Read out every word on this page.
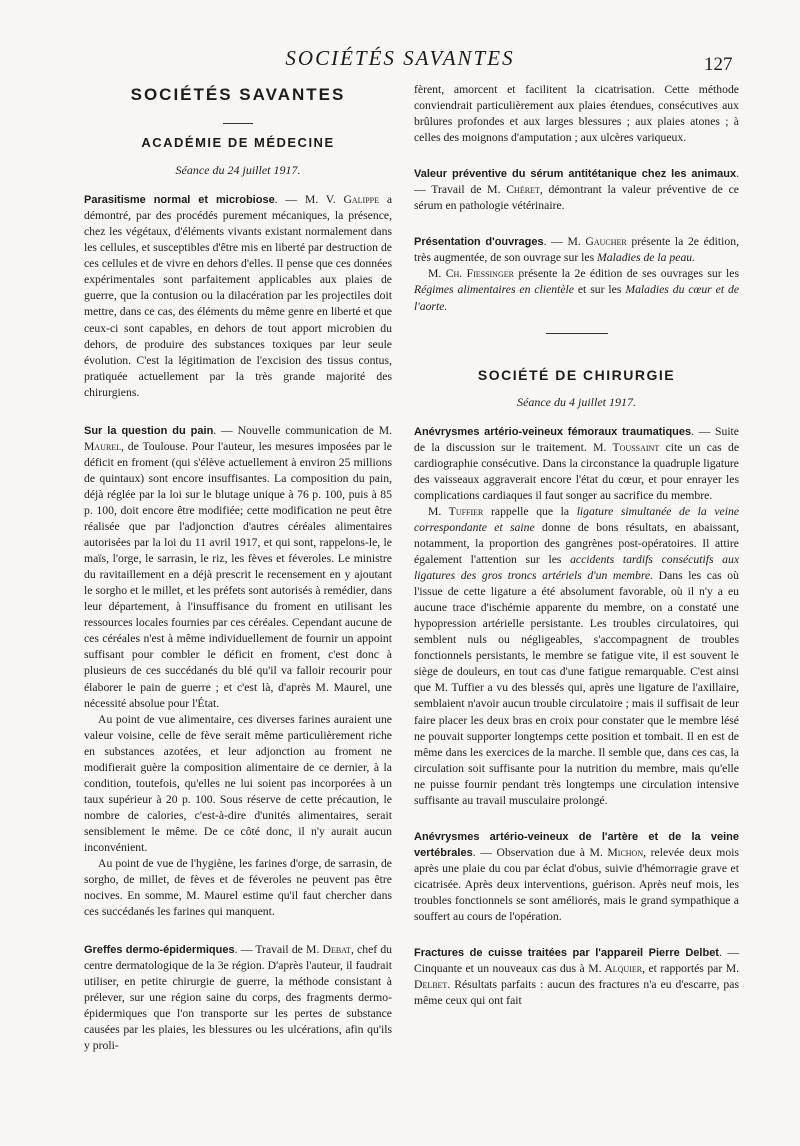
SOCIÉTÉS SAVANTES	127
SOCIÉTÉS SAVANTES
ACADÉMIE DE MÉDECINE
Séance du 24 juillet 1917.

Parasitisme normal et microbiose. — M. V. Galippe a démontré, par des procédés purement mécaniques, la présence, chez les végétaux, d'éléments vivants existant normalement dans les cellules, et susceptibles d'être mis en liberté par destruction de ces cellules et de vivre en dehors d'elles. Il pense que ces données expérimentales sont parfaitement applicables aux plaies de guerre, que la contusion ou la dilacération par les projectiles doit mettre, dans ce cas, des éléments du même genre en liberté et que ceux-ci sont capables, en dehors de tout apport microbien du dehors, de produire des substances toxiques par leur seule évolution. C'est la légitimation de l'excision des tissus contus, pratiquée actuellement par la très grande majorité des chirurgiens.

Sur la question du pain. — Nouvelle communication de M. Maurel, de Toulouse. Pour l'auteur, les mesures imposées par le déficit en froment (qui s'élève actuellement à environ 25 millions de quintaux) sont encore insuffisantes. La composition du pain, déjà réglée par la loi sur le blutage unique à 76 p. 100, puis à 85 p. 100, doit encore être modifiée; cette modification ne peut être réalisée que par l'adjonction d'autres céréales alimentaires autorisées par la loi du 11 avril 1917, et qui sont, rappelons-le, le maïs, l'orge, le sarrasin, le riz, les fèves et féveroles. Le ministre du ravitaillement en a déjà prescrit le recensement en y ajoutant le sorgho et le millet, et les préfets sont autorisés à remédier, dans leur département, à l'insuffisance du froment en utilisant les ressources locales fournies par ces céréales. Cependant aucune de ces céréales n'est à même individuellement de fournir un appoint suffisant pour combler le déficit en froment, c'est donc à plusieurs de ces succédanés du blé qu'il va falloir recourir pour élaborer le pain de guerre ; et c'est là, d'après M. Maurel, une nécessité absolue pour l'État.

Au point de vue alimentaire, ces diverses farines auraient une valeur voisine, celle de fève serait même particulièrement riche en substances azotées, et leur adjonction au froment ne modifierait guère la composition alimentaire de ce dernier, à la condition, toutefois, qu'elles ne lui soient pas incorporées à un taux supérieur à 20 p. 100. Sous réserve de cette précaution, le nombre de calories, c'est-à-dire d'unités alimentaires, serait sensiblement le même. De ce côté donc, il n'y aurait aucun inconvénient.

Au point de vue de l'hygiène, les farines d'orge, de sarrasin, de sorgho, de millet, de fèves et de féveroles ne peuvent pas être nocives. En somme, M. Maurel estime qu'il faut chercher dans ces succédanés les farines qui manquent.

Greffes dermo-épidermiques. — Travail de M. Debat, chef du centre dermatologique de la 3e région. D'après l'auteur, il faudrait utiliser, en petite chirurgie de guerre, la méthode consistant à prélever, sur une région saine du corps, des fragments dermo-épidermiques que l'on transporte sur les pertes de substance causées par les plaies, les blessures ou les ulcérations, afin qu'ils y proli-

fèrent, amorcent et facilitent la cicatrisation. Cette méthode conviendrait particulièrement aux plaies étendues, consécutives aux brûlures profondes et aux larges blessures ; aux plaies atones ; à celles des moignons d'amputation ; aux ulcères variqueux.

Valeur préventive du sérum antitétanique chez les animaux. — Travail de M. Chéret, démontrant la valeur préventive de ce sérum en pathologie vétérinaire.

Présentation d'ouvrages. — M. Gaucher présente la 2e édition, très augmentée, de son ouvrage sur les Maladies de la peau.

M. Ch. Fiessinger présente la 2e édition de ses ouvrages sur les Régimes alimentaires en clientèle et sur les Maladies du cœur et de l'aorte.

SOCIÉTÉ DE CHIRURGIE
Séance du 4 juillet 1917.

Anévrysmes artério-veineux fémoraux traumatiques. — Suite de la discussion sur le traitement. M. Toussaint cite un cas de cardiographie consécutive. Dans la circonstance la quadruple ligature des vaisseaux aggraverait encore l'état du cœur, et pour enrayer les complications cardiaques il faut songer au sacrifice du membre.

M. Tuffier rappelle que la ligature simultanée de la veine correspondante et saine donne de bons résultats, en abaissant, notamment, la proportion des gangrènes post-opératoires. Il attire également l'attention sur les accidents tardifs consécutifs aux ligatures des gros troncs artériels d'un membre. Dans les cas où l'issue de cette ligature a été absolument favorable, où il n'y a eu aucune trace d'ischémie apparente du membre, on a constaté une hypopression artérielle persistante. Les troubles circulatoires, qui semblent nuls ou négligeables, s'accompagnent de troubles fonctionnels persistants, le membre se fatigue vite, il est souvent le siège de douleurs, en tout cas d'une fatigue remarquable. C'est ainsi que M. Tuffier a vu des blessés qui, après une ligature de l'axillaire, semblaient n'avoir aucun trouble circulatoire ; mais il suffisait de leur faire placer les deux bras en croix pour constater que le membre lésé ne pouvait supporter longtemps cette position et tombait. Il en est de même dans les exercices de la marche. Il semble que, dans ces cas, la circulation soit suffisante pour la nutrition du membre, mais qu'elle ne puisse fournir pendant très longtemps une circulation intensive suffisante au travail musculaire prolongé.

Anévrysmes artério-veineux de l'artère et de la veine vertébrales. — Observation due à M. Michon, relevée deux mois après une plaie du cou par éclat d'obus, suivie d'hémorragie grave et cicatrisée. Après deux interventions, guérison. Après neuf mois, les troubles fonctionnels se sont améliorés, mais le grand sympathique a souffert au cours de l'opération.

Fractures de cuisse traitées par l'appareil Pierre Delbet. — Cinquante et un nouveaux cas dus à M. Alquier, et rapportés par M. Delbet. Résultats parfaits : aucun des fractures n'a eu d'escarre, pas même ceux qui ont fait
